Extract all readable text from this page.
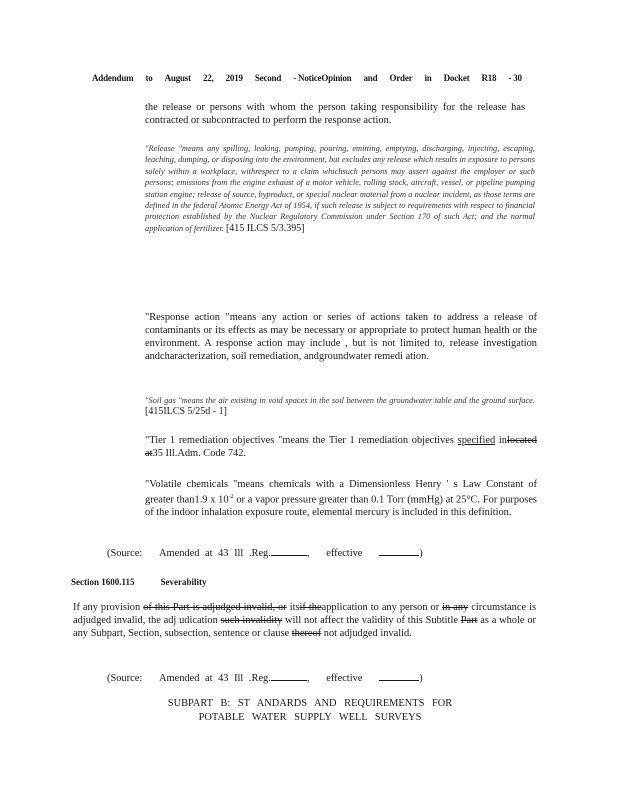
Addendum to August 22, 2019 Second - NoticeOpinion and Order in Docket R18 - 30
the release or persons with whom the person taking responsibility for the release has contracted or subcontracted to perform the response action.
"Release "means any spilling, leaking, pumping, pouring, emitting, emptying, discharging, injecting, escaping, leaching, dumping, or disposing into the environment, but excludes any release which results in exposure to persons solely within a workplace, withrespect to a claim whichsuch persons may assert against the employer or such persons; emissions from the engine exhaust of a motor vehicle, rolling stock, aircraft, vessel, or pipeline pumping station engine; release of source, byproduct, or special nuclear material from a nuclear incident, as those terms are defined in the federal Atomic Energy Act of 1954, if such release is subject to requirements with respect to financial protection established by the Nuclear Regulatory Commission under Section 170 of such Act; and the normal application of fertilizer. [415 ILCS 5/3.395]
"Response action "means any action or series of actions taken to address a release of contaminants or its effects as may be necessary or appropriate to protect human health or the environment. A response action may include , but is not limited to, release investigation andcharacterization, soil remediation, andgroundwater remedi ation.
"Soil gas "means the air existing in void spaces in the soil between the groundwater table and the ground surface. [415ILCS 5/25d - 1]
"Tier 1 remediation objectives "means the Tier 1 remediation objectives specified inlocated at35 Ill.Adm. Code 742.
"Volatile chemicals "means chemicals with a Dimensionless Henry ' s Law Constant of greater than1.9 x $10^{-2}$ or a vapor pressure greater than 0.1 Torr (mmHg) at 25°C. For purposes of the indoor inhalation exposure route, elemental mercury is included in this definition.
(Source: Amended at 43 Ill .Reg.	,   effective	)
Section 1600.115	Severability
If any provision of this Part is adjudged invalid, or itsif theapplication to any person or in any circumstance is adjudged invalid, the adj udication such invalidity will not affect the validity of this Subtitle Part as a whole or any Subpart, Section, subsection, sentence or clause thereof not adjudged invalid.
(Source: Amended at 43 Ill .Reg.	,   effective	)
SUBPART B: ST ANDARDS AND REQUIREMENTS FOR
POTABLE WATER SUPPLY WELL SURVEYS
